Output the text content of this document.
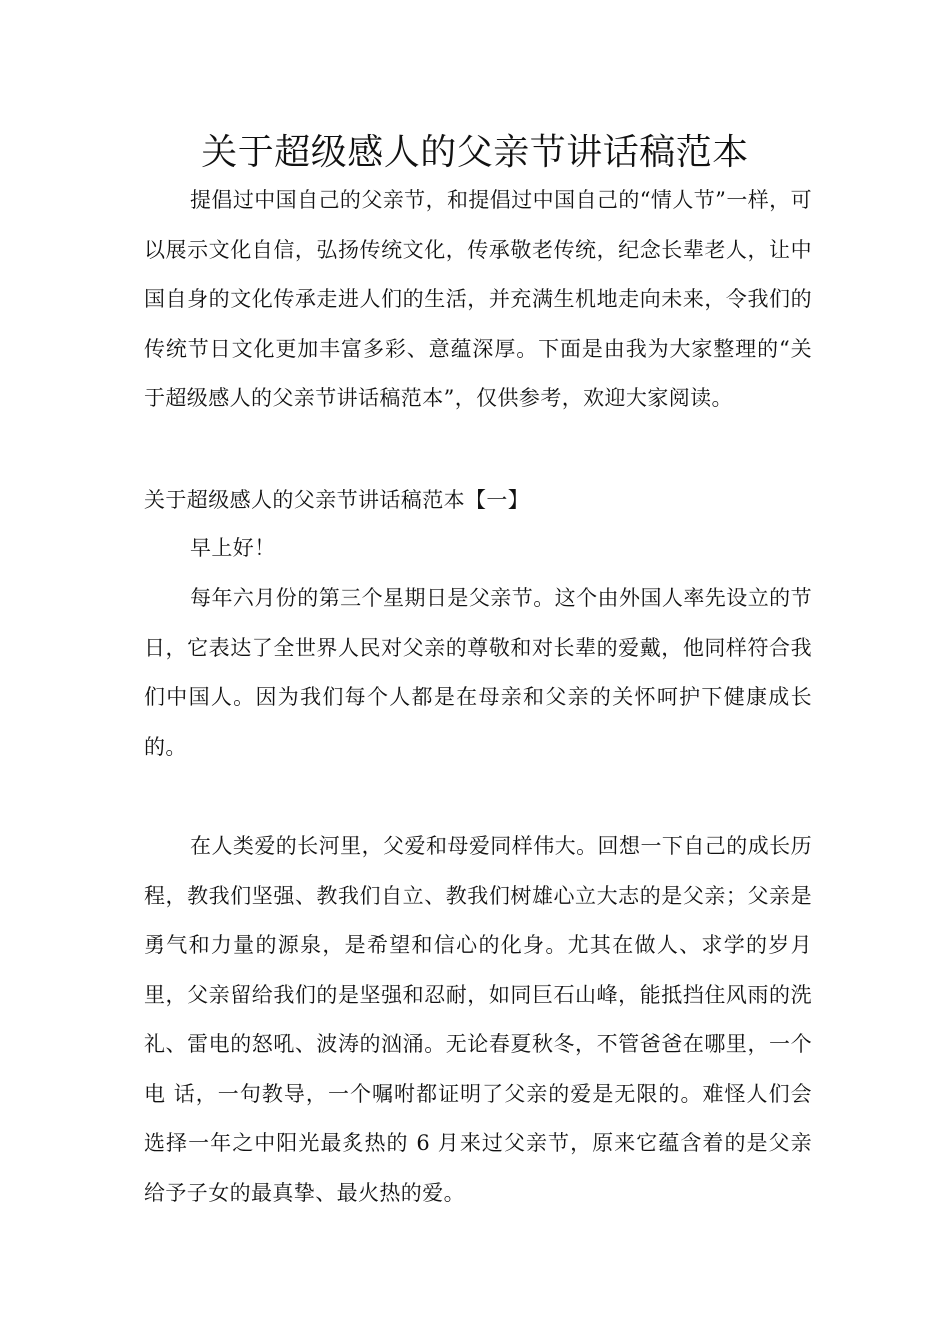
关于超级感人的父亲节讲话稿范本

提倡过中国自己的父亲节，和提倡过中国自己的“情人节”一样，可以展示文化自信，弘扬传统文化，传承敬老传统，纪念长辈老人，让中国自身的文化传承走进人们的生活，并充满生机地走向未来，令我们的传统节日文化更加丰富多彩、意蕴深厚。下面是由我为大家整理的“关于超级感人的父亲节讲话稿范本”，仅供参考，欢迎大家阅读。

关于超级感人的父亲节讲话稿范本【一】

早上好！

每年六月份的第三个星期日是父亲节。这个由外国人率先设立的节日，它表达了全世界人民对父亲的尊敬和对长辈的爱戴，他同样符合我们中国人。因为我们每个人都是在母亲和父亲的关怀呵护下健康成长的。

在人类爱的长河里，父爱和母爱同样伟大。回想一下自己的成长历程，教我们坚强、教我们自立、教我们树雄心立大志的是父亲；父亲是勇气和力量的源泉，是希望和信心的化身。尤其在做人、求学的岁月里，父亲留给我们的是坚强和忍耐，如同巨石山峰，能抵挡住风雨的洗礼、雷电的怒吼、波涛的汹涌。无论春夏秋冬，不管爸爸在哪里，一个电 话，一句教导，一个嘱咐都证明了父亲的爱是无限的。难怪人们会选择一年之中阳光最炙热的 6 月来过父亲节，原来它蕴含着的是父亲给予子女的最真挚、最火热的爱。
